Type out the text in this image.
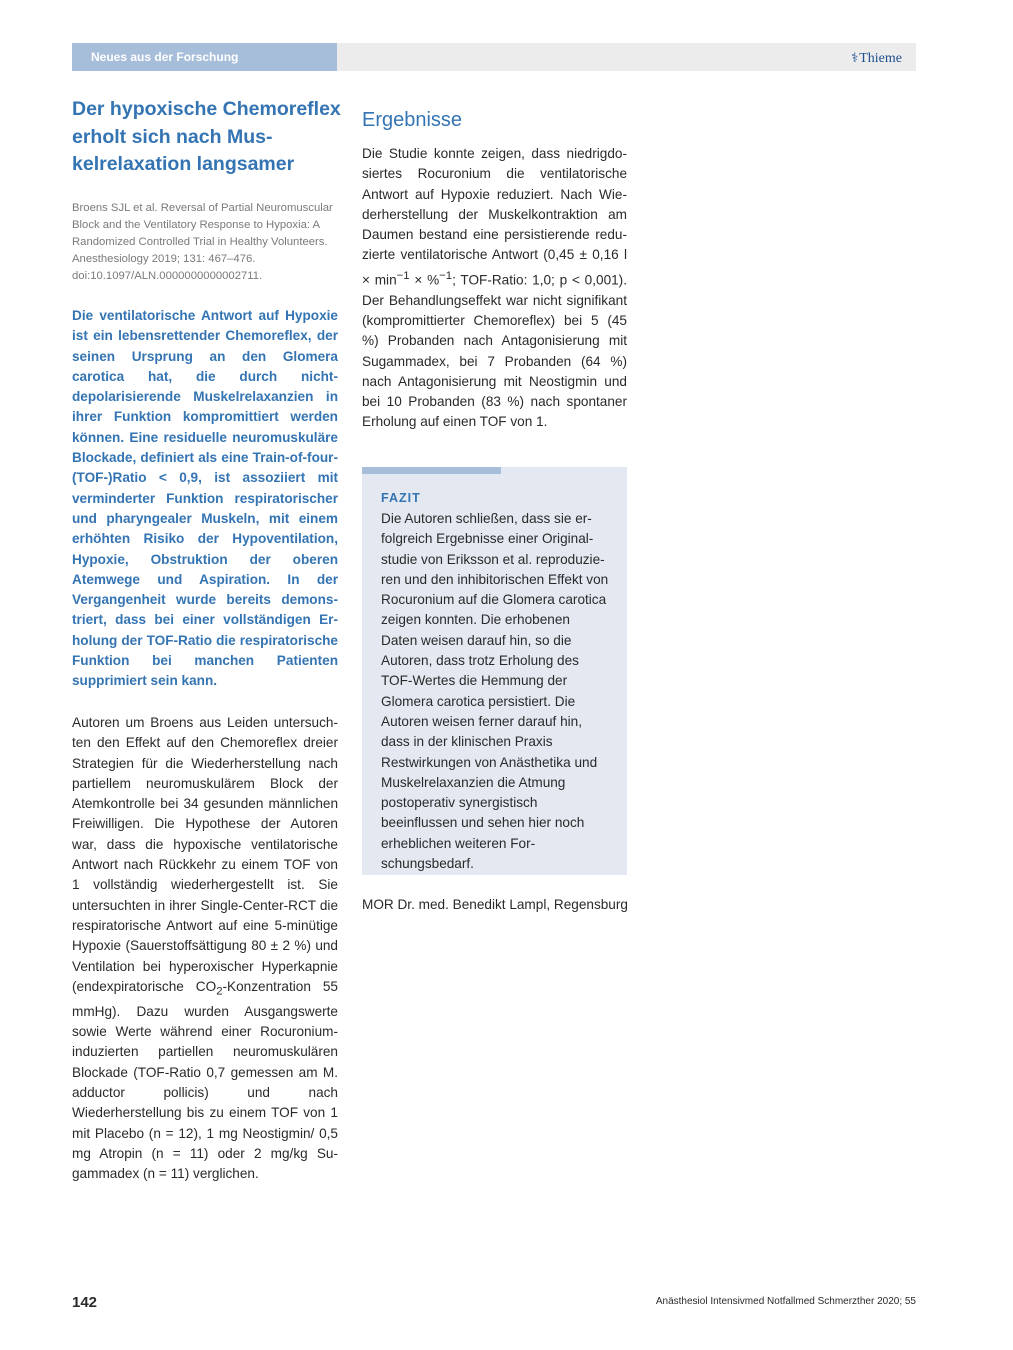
Neues aus der Forschung	⚕Thieme
Der hypoxische Chemoreflex erholt sich nach Muskelrelaxation langsamer

Broens SJL et al. Reversal of Partial Neuromuscular Block and the Ventilatory Response to Hypoxia: A Randomized Controlled Trial in Healthy Volunteers. Anesthesiology 2019; 131: 467–476. doi:10.1097/ALN.0000000000002711.

Die ventilatorische Antwort auf Hypoxie ist ein lebensrettender Chemoreflex, der seinen Ursprung an den Glomera carotica hat, die durch nichtdepolarisierende Muskelrelaxanzien in ihrer Funktion kompromittiert werden können. Eine residuelle neuromuskuläre Blockade, definiert als eine Train-of-four-(TOF-)Ratio < 0,9, ist assoziiert mit verminderter Funktion respiratorischer und pharyngealer Muskeln, mit einem erhöhten Risiko der Hypoventilation, Hypoxie, Obstruktion der oberen Atemwege und Aspiration. In der Vergangenheit wurde bereits demonstriert, dass bei einer vollständigen Erholung der TOF-Ratio die respiratorische Funktion bei manchen Patienten supprimiert sein kann.

Autoren um Broens aus Leiden untersuchten den Effekt auf den Chemoreflex dreier Strategien für die Wiederherstellung nach partiellem neuromuskulärem Block der Atemkontrolle bei 34 gesunden männlichen Freiwilligen. Die Hypothese der Autoren war, dass die hypoxische ventilatorische Antwort nach Rückkehr zu einem TOF von 1 vollständig wiederhergestellt ist. Sie untersuchten in ihrer Single-Center-RCT die respiratorische Antwort auf eine 5-minütige Hypoxie (Sauerstoffsättigung 80 ± 2 %) und Ventilation bei hyperoxischer Hyperkapnie (endexpiratorische $CO_2$-Konzentration 55 mmHg). Dazu wurden Ausgangswerte sowie Werte während einer Rocuronium-induzierten partiellen neuromuskulären Blockade (TOF-Ratio 0,7 gemessen am M. adductor pollicis) und nach Wiederherstellung bis zu einem TOF von 1 mit Placebo (n = 12), 1 mg Neostigmin/ 0,5 mg Atropin (n = 11) oder 2 mg/kg Sugammadex (n = 11) verglichen.

Ergebnisse

Die Studie konnte zeigen, dass niedrigdosiertes Rocuronium die ventilatorische Antwort auf Hypoxie reduziert. Nach Wiederherstellung der Muskelkontraktion am Daumen bestand eine persistierende reduzierte ventilatorische Antwort (0,45 ± 0,16 $l \times \min^{-1} \times \%^{-1}$; TOF-Ratio: 1,0; p < 0,001). Der Behandlungseffekt war nicht signifikant (kompromittierter Chemoreflex) bei 5 (45 %) Probanden nach Antagonisierung mit Sugammadex, bei 7 Probanden (64 %) nach Antagonisierung mit Neostigmin und bei 10 Probanden (83 %) nach spontaner Erholung auf einen TOF von 1.

FAZIT

Die Autoren schließen, dass sie erfolgreich Ergebnisse einer Originalstudie von Eriksson et al. reproduzieren und den inhibitorischen Effekt von Rocuronium auf die Glomera carotica zeigen konnten. Die erhobenen Daten weisen darauf hin, so die Autoren, dass trotz Erholung des TOF-Wertes die Hemmung der Glomera carotica persistiert. Die Autoren weisen ferner darauf hin, dass in der klinischen Praxis Restwirkungen von Anästhetika und Muskelrelaxanzien die Atmung postoperativ synergistisch beeinflussen und sehen hier noch erheblichen weiteren Forschungsbedarf.

MOR Dr. med. Benedikt Lampl, Regensburg

142	Anästhesiol Intensivmed Notfallmed Schmerzther 2020; 55
